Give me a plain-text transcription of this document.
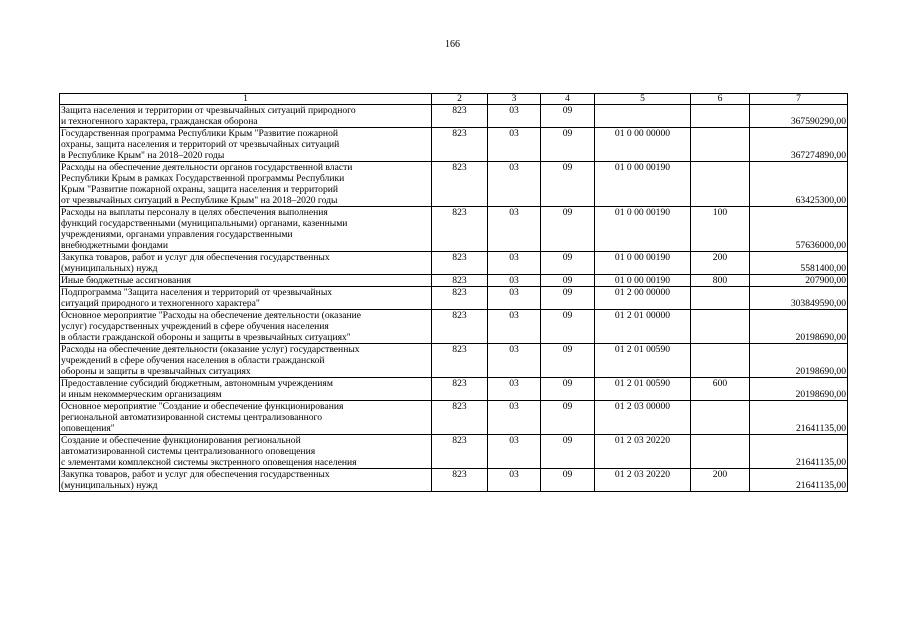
166
1	2	3	4	5	6	7
Защита населения и территории от чрезвычайных ситуаций природного
и техногенного характера, гражданская оборона	823	03	09			367590290,00
Государственная программа Республики Крым "Развитие пожарной
охраны, защита населения и территорий от чрезвычайных ситуаций
в Республике Крым" на 2018–2020 годы	823	03	09	01 0 00 00000		367274890,00
Расходы на обеспечение деятельности органов государственной власти
Республики Крым в рамках Государственной программы Республики
Крым "Развитие пожарной охраны, защита населения и территорий
от чрезвычайных ситуаций в Республике Крым" на 2018–2020 годы	823	03	09	01 0 00 00190		63425300,00
Расходы на выплаты персоналу в целях обеспечения выполнения
функций государственными (муниципальными) органами, казенными
учреждениями, органами управления государственными
внебюджетными фондами	823	03	09	01 0 00 00190	100	57636000,00
Закупка товаров, работ и услуг для обеспечения государственных
(муниципальных) нужд	823	03	09	01 0 00 00190	200	5581400,00
Иные бюджетные ассигнования	823	03	09	01 0 00 00190	800	207900,00
Подпрограмма "Защита населения и территорий от чрезвычайных
ситуаций природного и техногенного характера"	823	03	09	01 2 00 00000		303849590,00
Основное мероприятие "Расходы на обеспечение деятельности (оказание
услуг) государственных учреждений в сфере обучения населения
в области гражданской обороны и защиты в чрезвычайных ситуациях"	823	03	09	01 2 01 00000		20198690,00
Расходы на обеспечение деятельности (оказание услуг) государственных
учреждений в сфере обучения населения в области гражданской
обороны и защиты в чрезвычайных ситуациях	823	03	09	01 2 01 00590		20198690,00
Предоставление субсидий бюджетным, автономным учреждениям
и иным некоммерческим организациям	823	03	09	01 2 01 00590	600	20198690,00
Основное мероприятие "Создание и обеспечение функционирования
региональной автоматизированной системы централизованного
оповещения"	823	03	09	01 2 03 00000		21641135,00
Создание и обеспечение функционирования региональной
автоматизированной системы централизованного оповещения
с элементами комплексной системы экстренного оповещения населения	823	03	09	01 2 03 20220		21641135,00
Закупка товаров, работ и услуг для обеспечения государственных
(муниципальных) нужд	823	03	09	01 2 03 20220	200	21641135,00
